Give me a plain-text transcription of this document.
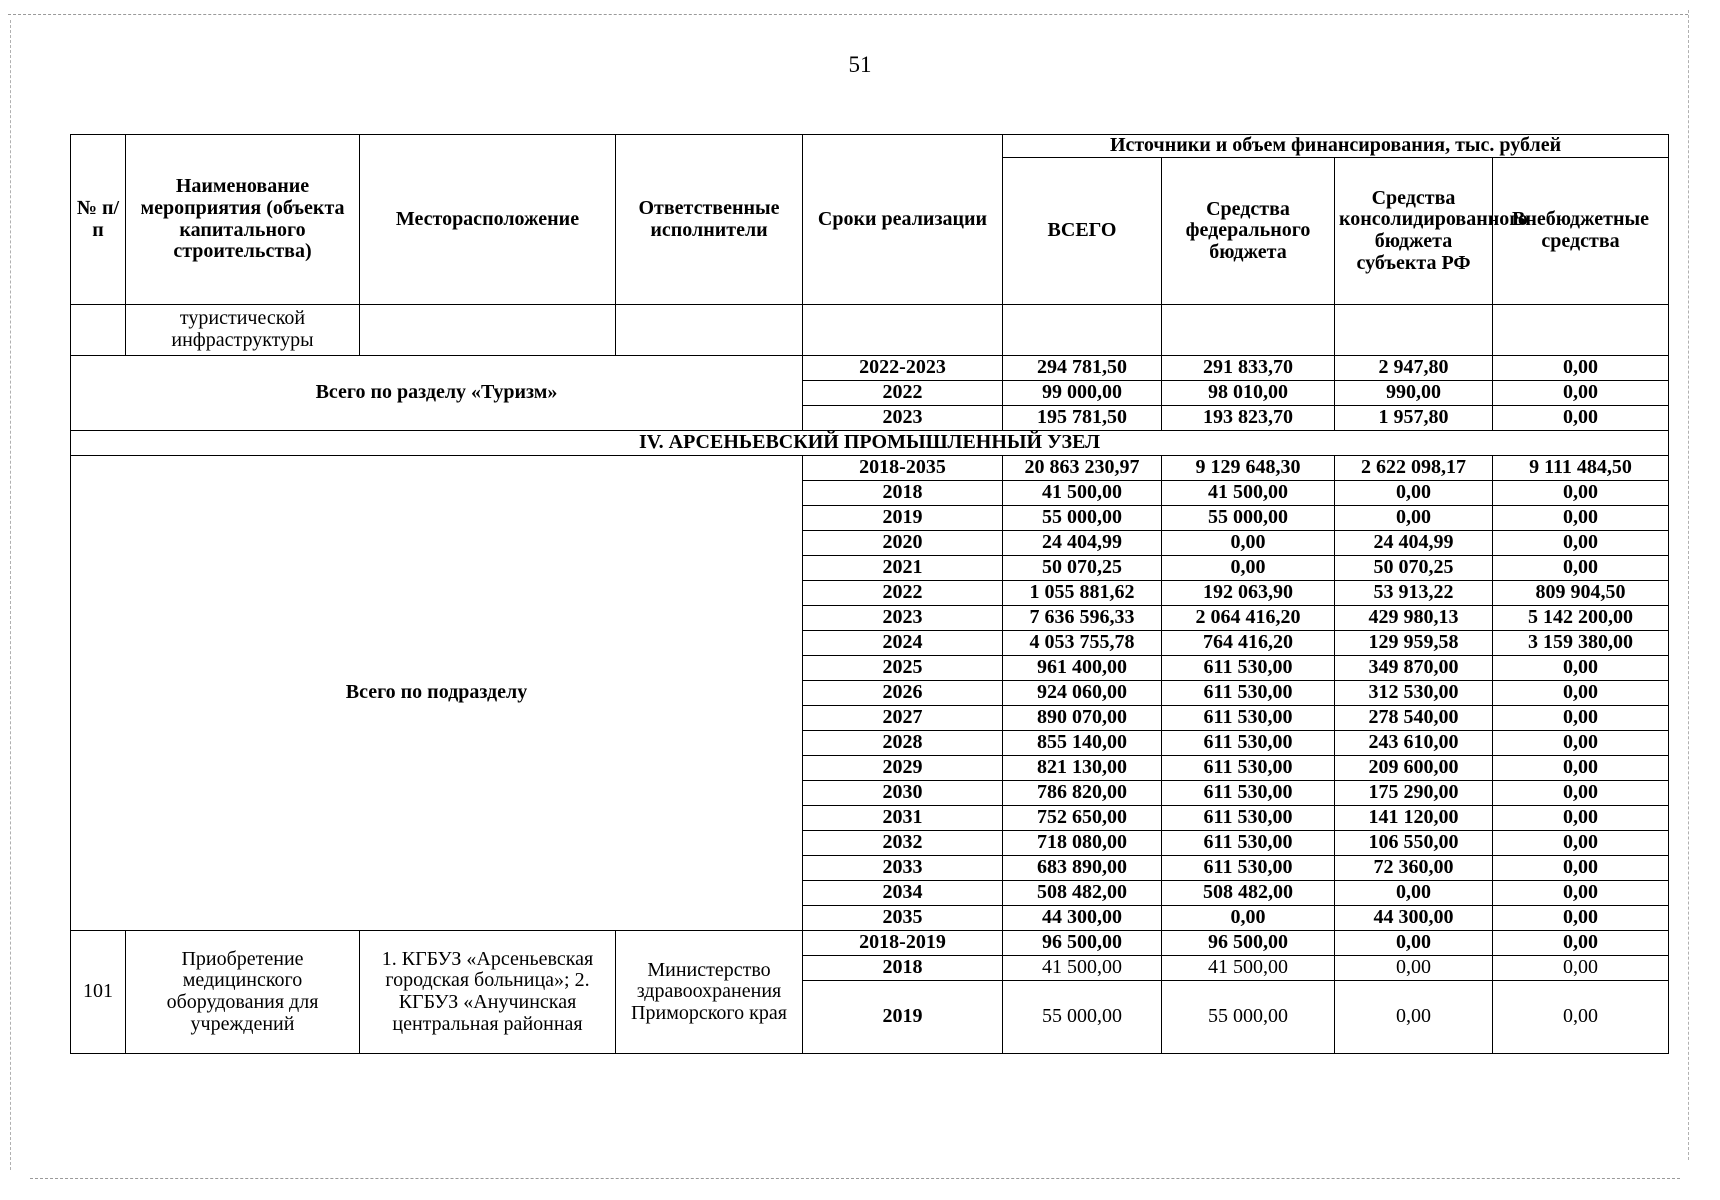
51
№ п/п	Наименование мероприятия (объекта капитального строительства)	Месторасположение	Ответственные исполнители	Сроки реализации	Источники и объем финансирования, тыс. рублей			
					ВСЕГО	Средства федерального бюджета	Средства консолидированного бюджета субъекта РФ	Внебюджетные средства
	туристической инфраструктуры							
Всего по разделу «Туризм»				2022-2023	294 781,50	291 833,70	2 947,80	0,00
				2022	99 000,00	98 010,00	990,00	0,00
				2023	195 781,50	193 823,70	1 957,80	0,00
IV. АРСЕНЬЕВСКИЙ ПРОМЫШЛЕННЫЙ УЗЕЛ								
Всего по подразделу				2018-2035	20 863 230,97	9 129 648,30	2 622 098,17	9 111 484,50
				2018	41 500,00	41 500,00	0,00	0,00
				2019	55 000,00	55 000,00	0,00	0,00
				2020	24 404,99	0,00	24 404,99	0,00
				2021	50 070,25	0,00	50 070,25	0,00
				2022	1 055 881,62	192 063,90	53 913,22	809 904,50
				2023	7 636 596,33	2 064 416,20	429 980,13	5 142 200,00
				2024	4 053 755,78	764 416,20	129 959,58	3 159 380,00
				2025	961 400,00	611 530,00	349 870,00	0,00
				2026	924 060,00	611 530,00	312 530,00	0,00
				2027	890 070,00	611 530,00	278 540,00	0,00
				2028	855 140,00	611 530,00	243 610,00	0,00
				2029	821 130,00	611 530,00	209 600,00	0,00
				2030	786 820,00	611 530,00	175 290,00	0,00
				2031	752 650,00	611 530,00	141 120,00	0,00
				2032	718 080,00	611 530,00	106 550,00	0,00
				2033	683 890,00	611 530,00	72 360,00	0,00
				2034	508 482,00	508 482,00	0,00	0,00
				2035	44 300,00	0,00	44 300,00	0,00
101	Приобретение медицинского оборудования для учреждений	1. КГБУЗ «Арсеньевская городская больница»; 2. КГБУЗ «Анучинская центральная районная	Министерство здравоохранения Приморского края	2018-2019	96 500,00	96 500,00	0,00	0,00
				2018	41 500,00	41 500,00	0,00	0,00
				2019	55 000,00	55 000,00	0,00	0,00
